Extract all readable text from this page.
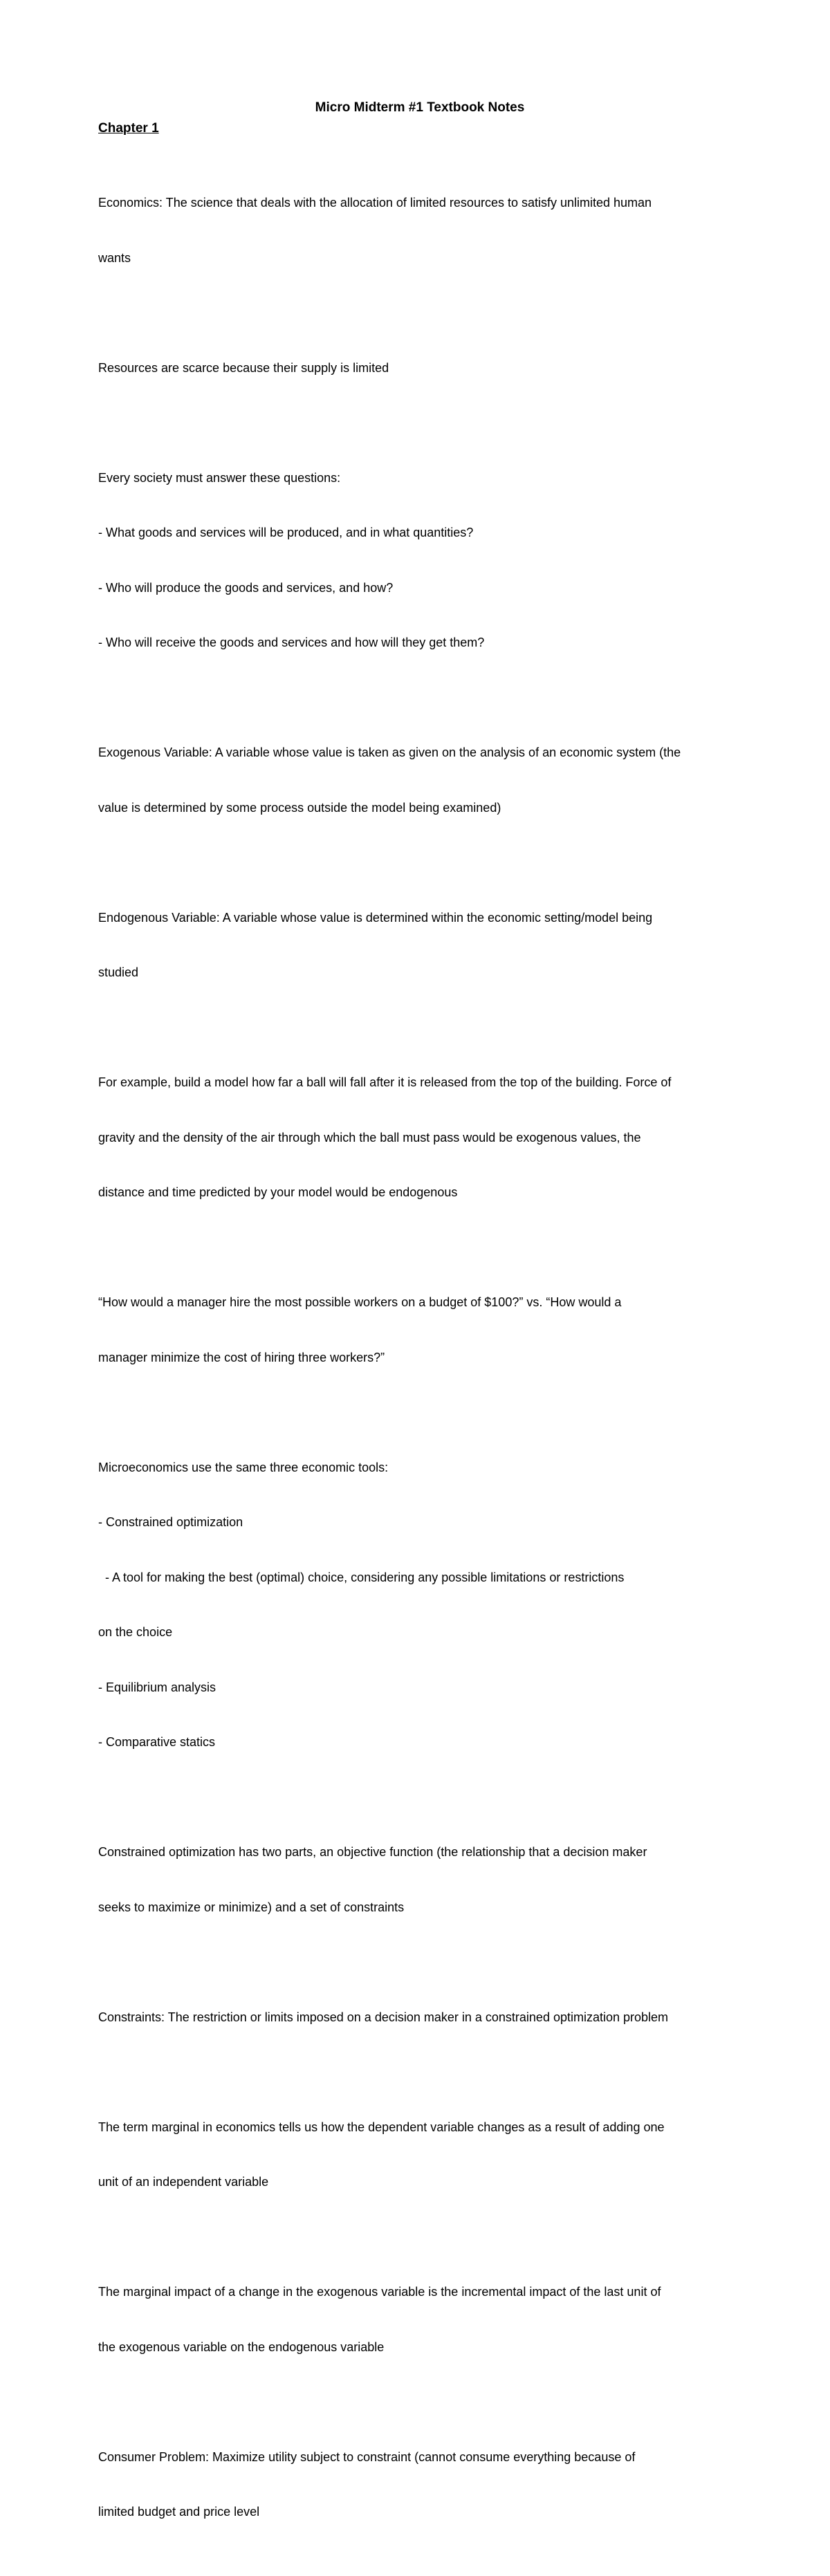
Micro Midterm #1 Textbook Notes
Chapter 1

Economics: The science that deals with the allocation of limited resources to satisfy unlimited human

wants

Resources are scarce because their supply is limited

Every society must answer these questions:

- What goods and services will be produced, and in what quantities?

- Who will produce the goods and services, and how?

- Who will receive the goods and services and how will they get them?

Exogenous Variable: A variable whose value is taken as given on the analysis of an economic system (the

value is determined by some process outside the model being examined)

Endogenous Variable: A variable whose value is determined within the economic setting/model being

studied

For example, build a model how far a ball will fall after it is released from the top of the building. Force of

gravity and the density of the air through which the ball must pass would be exogenous values, the

distance and time predicted by your model would be endogenous

“How would a manager hire the most possible workers on a budget of $100?” vs. “How would a

manager minimize the cost of hiring three workers?”

Microeconomics use the same three economic tools:

- Constrained optimization

- A tool for making the best (optimal) choice, considering any possible limitations or restrictions

on the choice

- Equilibrium analysis

- Comparative statics

Constrained optimization has two parts, an objective function (the relationship that a decision maker

seeks to maximize or minimize) and a set of constraints

Constraints: The restriction or limits imposed on a decision maker in a constrained optimization problem

The term marginal in economics tells us how the dependent variable changes as a result of adding one

unit of an independent variable

The marginal impact of a change in the exogenous variable is the incremental impact of the last unit of

the exogenous variable on the endogenous variable

Consumer Problem: Maximize utility subject to constraint (cannot consume everything because of

limited budget and price level
